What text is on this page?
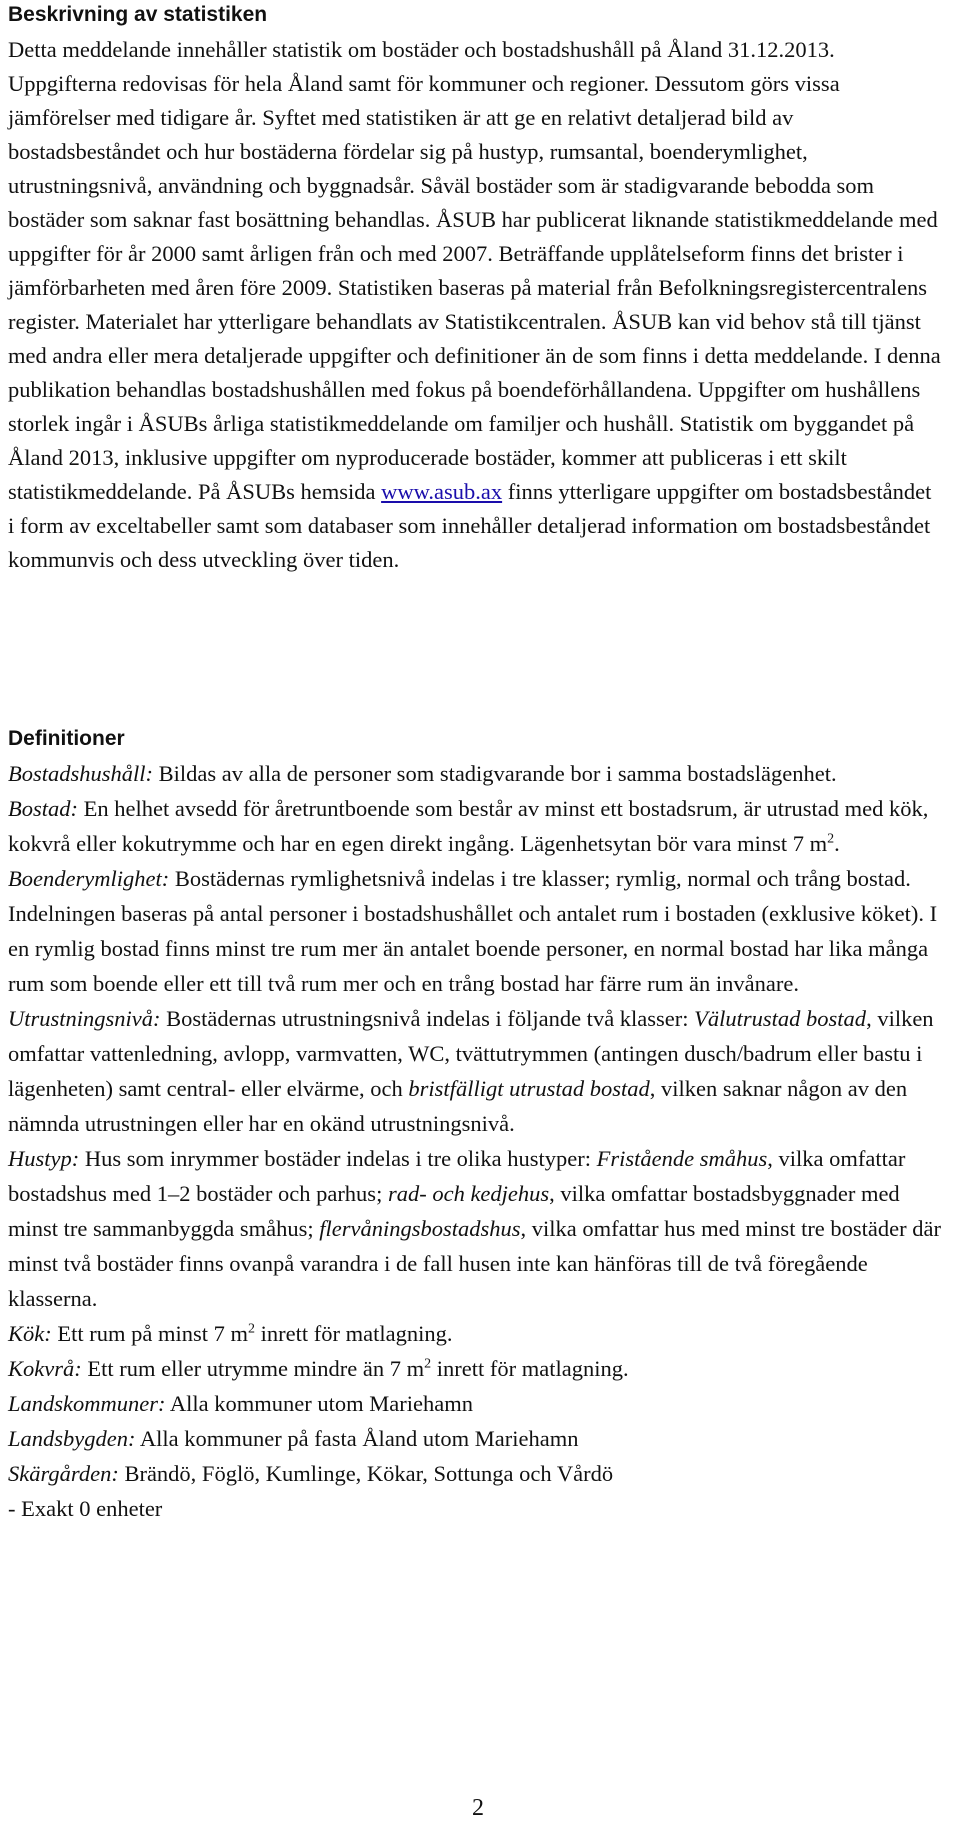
Beskrivning av statistiken

Detta meddelande innehåller statistik om bostäder och bostadshushåll på Åland 31.12.2013. Uppgifterna redovisas för hela Åland samt för kommuner och regioner. Dessutom görs vissa jämförelser med tidigare år. Syftet med statistiken är att ge en relativt detaljerad bild av bostadsbeståndet och hur bostäderna fördelar sig på hustyp, rumsantal, boenderymlighet, utrustningsnivå, användning och byggnadsår. Såväl bostäder som är stadigvarande bebodda som bostäder som saknar fast bosättning behandlas. ÅSUB har publicerat liknande statistikmeddelande med uppgifter för år 2000 samt årligen från och med 2007. Beträffande upplåtelseform finns det brister i jämförbarheten med åren före 2009. Statistiken baseras på material från Befolkningsregistercentralens register. Materialet har ytterligare behandlats av Statistikcentralen. ÅSUB kan vid behov stå till tjänst med andra eller mera detaljerade uppgifter och definitioner än de som finns i detta meddelande. I denna publikation behandlas bostadshushållen med fokus på boendeförhållandena. Uppgifter om hushållens storlek ingår i ÅSUBs årliga statistikmeddelande om familjer och hushåll. Statistik om byggandet på Åland 2013, inklusive uppgifter om nyproducerade bostäder, kommer att publiceras i ett skilt statistikmeddelande. På ÅSUBs hemsida www.asub.ax finns ytterligare uppgifter om bostadsbeståndet i form av exceltabeller samt som databaser som innehåller detaljerad information om bostadsbeståndet kommunvis och dess utveckling över tiden.

Definitioner

Bostadshushåll: Bildas av alla de personer som stadigvarande bor i samma bostadslägenhet.

Bostad: En helhet avsedd för åretruntboende som består av minst ett bostadsrum, är utrustad med kök, kokvrå eller kokutrymme och har en egen direkt ingång. Lägenhetsytan bör vara minst 7 $m^2$.

Boenderymlighet: Bostädernas rymlighetsnivå indelas i tre klasser; rymlig, normal och trång bostad. Indelningen baseras på antal personer i bostadshushållet och antalet rum i bostaden (exklusive köket). I en rymlig bostad finns minst tre rum mer än antalet boende personer, en normal bostad har lika många rum som boende eller ett till två rum mer och en trång bostad har färre rum än invånare.

Utrustningsnivå: Bostädernas utrustningsnivå indelas i följande två klasser: Välutrustad bostad, vilken omfattar vattenledning, avlopp, varmvatten, WC, tvättutrymmen (antingen dusch/badrum eller bastu i lägenheten) samt central- eller elvärme, och bristfälligt utrustad bostad, vilken saknar någon av den nämnda utrustningen eller har en okänd utrustningsnivå.

Hustyp: Hus som inrymmer bostäder indelas i tre olika hustyper: Fristående småhus, vilka omfattar bostadshus med 1–2 bostäder och parhus; rad- och kedjehus, vilka omfattar bostadsbyggnader med minst tre sammanbyggda småhus; flervåningsbostadshus, vilka omfattar hus med minst tre bostäder där minst två bostäder finns ovanpå varandra i de fall husen inte kan hänföras till de två föregående klasserna.

Kök: Ett rum på minst 7 $m^2$ inrett för matlagning.

Kokvrå: Ett rum eller utrymme mindre än 7 $m^2$ inrett för matlagning.

Landskommuner: Alla kommuner utom Mariehamn

Landsbygden: Alla kommuner på fasta Åland utom Mariehamn

Skärgården: Brändö, Föglö, Kumlinge, Kökar, Sottunga och Vårdö

- Exakt 0 enheter

2
